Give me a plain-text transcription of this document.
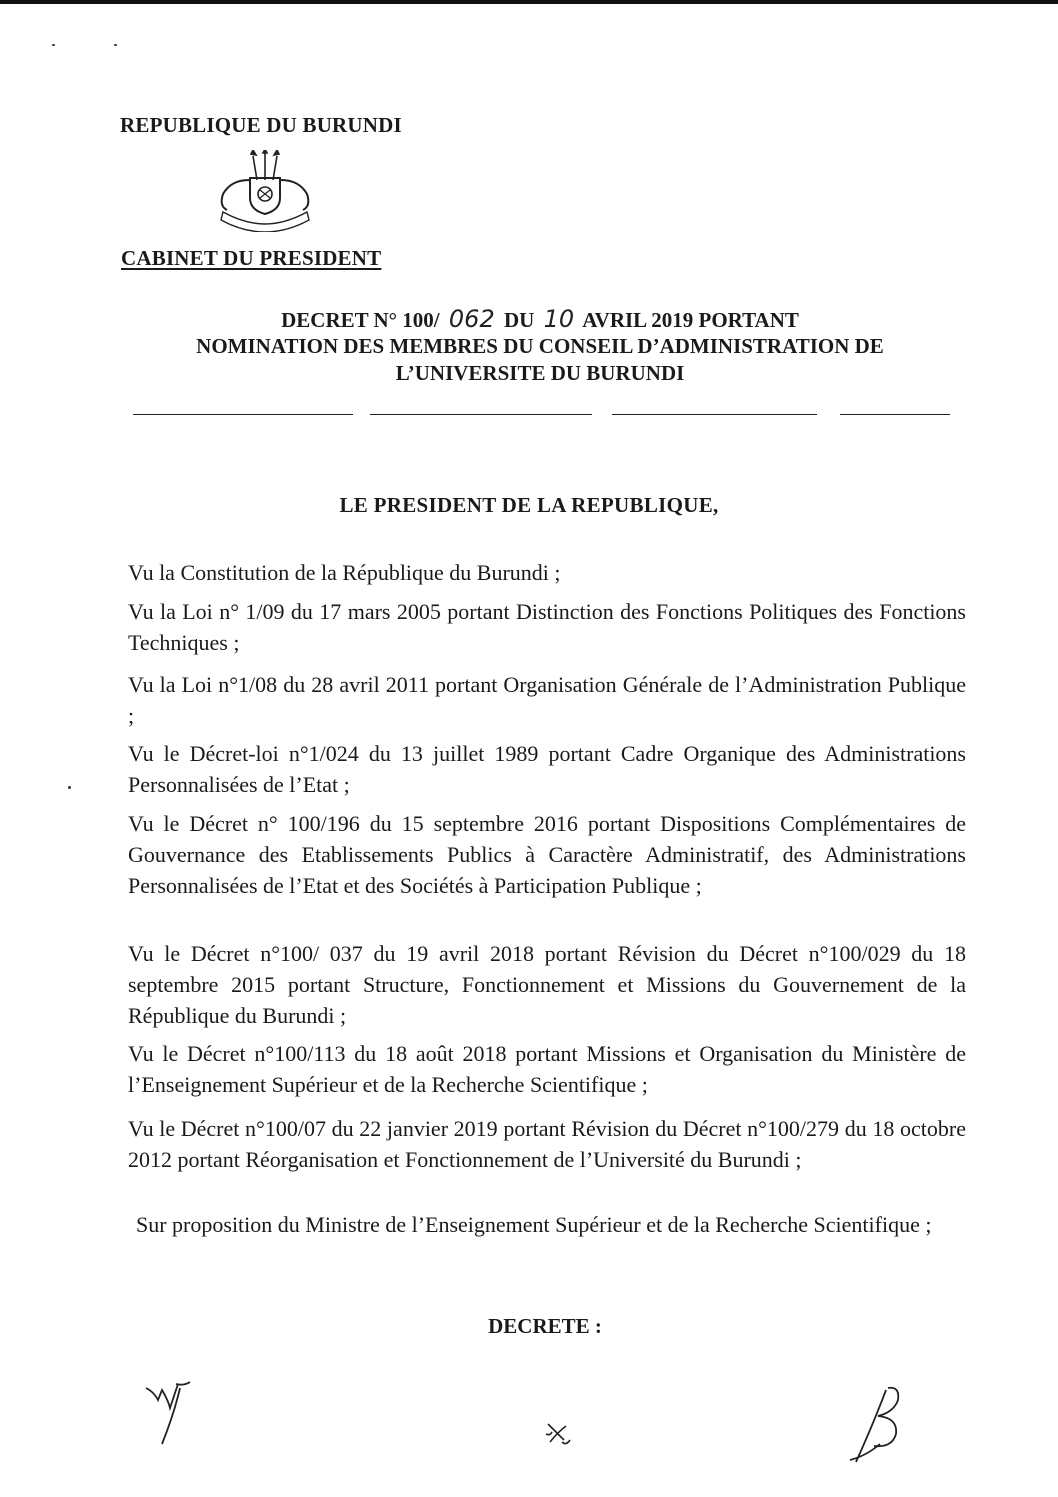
REPUBLIQUE DU BURUNDI
CABINET DU PRESIDENT
DECRET N° 100/ 062 DU 10 AVRIL 2019 PORTANT
NOMINATION DES MEMBRES DU CONSEIL D’ADMINISTRATION DE
L’UNIVERSITE DU BURUNDI
LE PRESIDENT DE LA REPUBLIQUE,
Vu la Constitution de la République du Burundi ;
Vu la Loi n° 1/09 du 17 mars 2005 portant Distinction des Fonctions Politiques des Fonctions Techniques ;
Vu la Loi n°1/08 du 28 avril 2011 portant Organisation Générale de l’Administration Publique ;
Vu le Décret-loi n°1/024 du 13 juillet 1989 portant Cadre Organique des Administrations Personnalisées de l’Etat ;
Vu le Décret n° 100/196 du 15 septembre 2016 portant Dispositions Complémentaires de Gouvernance des Etablissements Publics à Caractère Administratif, des Administrations Personnalisées de l’Etat et des Sociétés à Participation Publique ;
Vu le Décret n°100/ 037 du 19 avril 2018 portant Révision du Décret n°100/029 du 18 septembre 2015 portant Structure, Fonctionnement et Missions du Gouvernement de la République du Burundi ;
Vu le Décret n°100/113 du 18 août 2018 portant Missions et Organisation du Ministère de l’Enseignement Supérieur et de la Recherche Scientifique ;
Vu le Décret n°100/07 du 22 janvier 2019 portant Révision du Décret n°100/279 du 18 octobre 2012 portant Réorganisation et Fonctionnement de l’Université du Burundi ;
Sur proposition du Ministre de l’Enseignement Supérieur et de la Recherche Scientifique ;
DECRETE :
